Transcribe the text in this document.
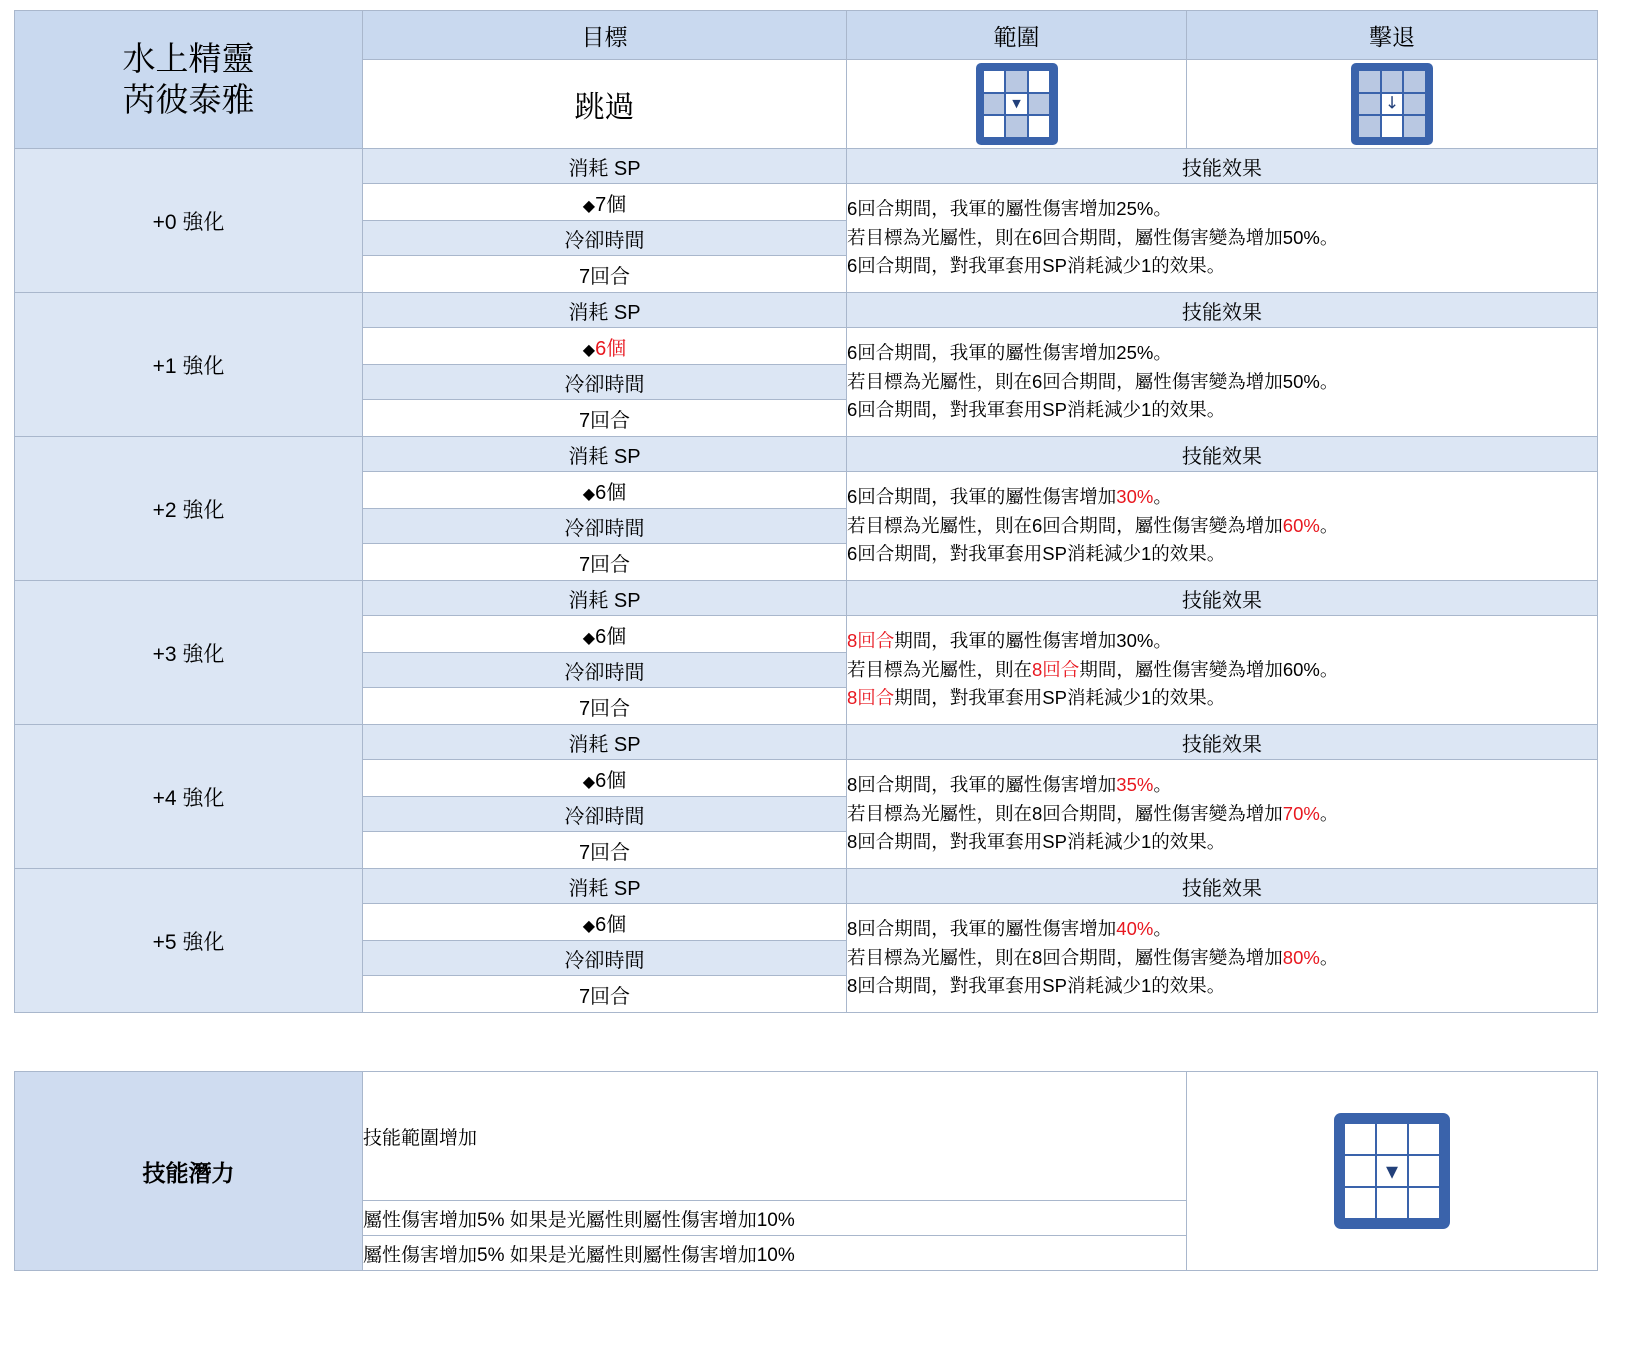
水上精靈
芮彼泰雅	目標	範圍	擊退
	跳過	▾	↓

+0 強化	消耗 SP	技能效果	
	◆7個	6回合期間，我軍的屬性傷害增加25%。
若目標為光屬性，則在6回合期間，屬性傷害變為增加50%。
6回合期間，對我軍套用SP消耗減少1的效果。	

	冷卻時間		
	7回合		
+1 強化	消耗 SP	技能效果	
	◆6個	6回合期間，我軍的屬性傷害增加25%。
若目標為光屬性，則在6回合期間，屬性傷害變為增加50%。
6回合期間，對我軍套用SP消耗減少1的效果。	

	冷卻時間		
	7回合		
+2 強化	消耗 SP	技能效果	
	◆6個	6回合期間，我軍的屬性傷害增加30%。
若目標為光屬性，則在6回合期間，屬性傷害變為增加60%。
6回合期間，對我軍套用SP消耗減少1的效果。	

	冷卻時間		
	7回合		
+3 強化	消耗 SP	技能效果	
	◆6個	8回合期間，我軍的屬性傷害增加30%。
若目標為光屬性，則在8回合期間，屬性傷害變為增加60%。
8回合期間，對我軍套用SP消耗減少1的效果。	

	冷卻時間		
	7回合		
+4 強化	消耗 SP	技能效果	
	◆6個	8回合期間，我軍的屬性傷害增加35%。
若目標為光屬性，則在8回合期間，屬性傷害變為增加70%。
8回合期間，對我軍套用SP消耗減少1的效果。	

	冷卻時間		
	7回合		
+5 強化	消耗 SP	技能效果	
	◆6個	8回合期間，我軍的屬性傷害增加40%。
若目標為光屬性，則在8回合期間，屬性傷害變為增加80%。
8回合期間，對我軍套用SP消耗減少1的效果。	

	冷卻時間		
	7回合		
技能潛力	技能範圍增加	
▾

屬性傷害增加5% 如果是光屬性則屬性傷害增加10%
屬性傷害增加5% 如果是光屬性則屬性傷害增加10%
